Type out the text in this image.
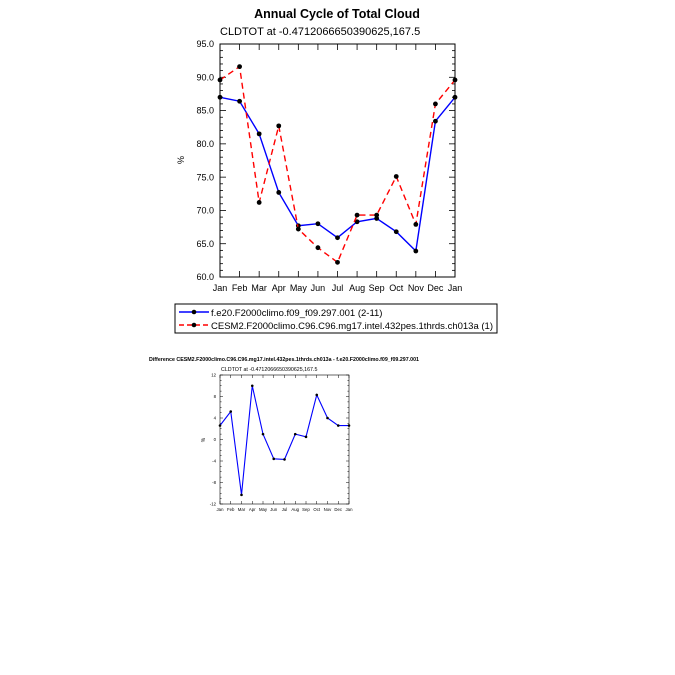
Annual Cycle of Total Cloud
CLDTOT at -0.4712066650390625,167.5
%
60.0
65.0
70.0
75.0
80.0
85.0
90.0
95.0
Jan Feb Mar Apr May Jun Jul Aug Sep Oct Nov Dec Jan
f.e20.F2000climo.f09_f09.297.001 (2-11)
CESM2.F2000climo.C96.C96.mg17.intel.432pes.1thrds.ch013a (1)
Difference CESM2.F2000climo.C96.C96.mg17.intel.432pes.1thrds.ch013a - f.e20.F2000climo.f09_f09.297.001
CLDTOT at -0.4712066650390625,167.5
%
-12
-8
-4
0
4
8
12
Jan Feb Mar Apr May Jun Jul Aug Sep Oct Nov Dec Jan
